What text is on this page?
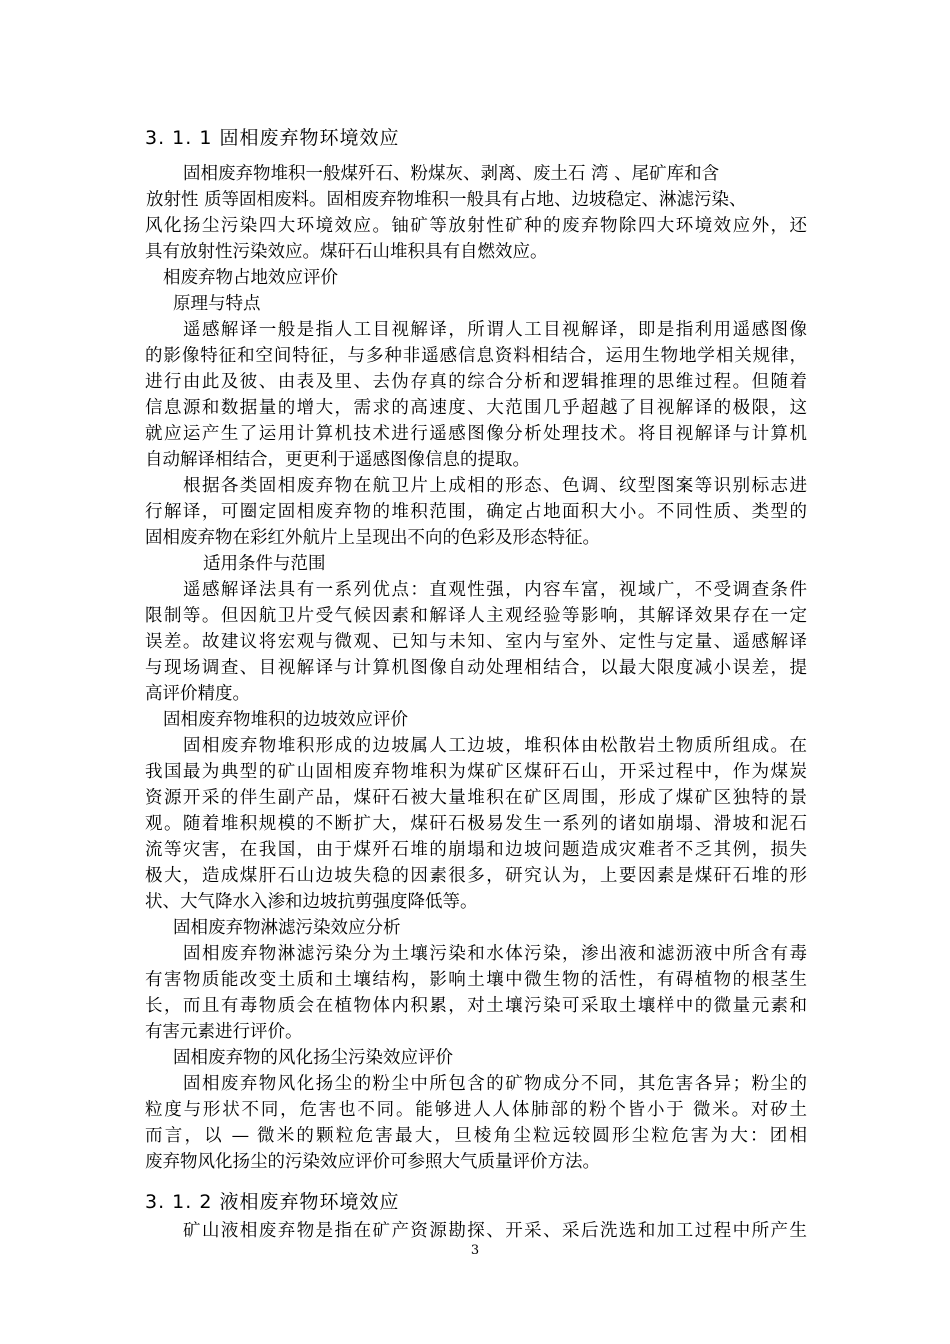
3. 1. 1 固相废弃物环境效应
固相废弃物堆积一般煤歼石、粉煤灰、剥离、废土石 湾 、尾矿库和含
放射性 质等固相废料。固相废弃物堆积一般具有占地、边坡稳定、淋滤污染、
风化扬尘污染四大环境效应。铀矿等放射性矿种的废弃物除四大环境效应外，还
具有放射性污染效应。煤矸石山堆积具有自燃效应。
相废弃物占地效应评价
原理与特点
遥感解译一般是指人工目视解译，所谓人工目视解译，即是指利用遥感图像
的影像特征和空间特征，与多种非遥感信息资料相结合，运用生物地学相关规律，
进行由此及彼、由表及里、去伪存真的综合分析和逻辑推理的思维过程。但随着
信息源和数据量的增大，需求的高速度、大范围几乎超越了目视解译的极限，这
就应运产生了运用计算机技术进行遥感图像分析处理技术。将目视解译与计算机
自动解译相结合，更更利于遥感图像信息的提取。
根据各类固相废弃物在航卫片上成相的形态、色调、纹型图案等识别标志进
行解译，可圈定固相废弃物的堆积范围，确定占地面积大小。不同性质、类型的
固相废弃物在彩红外航片上呈现出不向的色彩及形态特征。
适用条件与范围
遥感解译法具有一系列优点：直观性强，内容车富，视域广，不受调查条件
限制等。但因航卫片受气候因素和解译人主观经验等影响，其解译效果存在一定
误差。故建议将宏观与微观、已知与未知、室内与室外、定性与定量、遥感解译
与现场调查、目视解译与计算机图像自动处理相结合，以最大限度减小误差，提
高评价精度。
固相废弃物堆积的边坡效应评价
固相废弃物堆积形成的边坡属人工边坡，堆积体由松散岩土物质所组成。在
我国最为典型的矿山固相废弃物堆积为煤矿区煤矸石山，开采过程中，作为煤炭
资源开采的伴生副产品，煤矸石被大量堆积在矿区周围，形成了煤矿区独特的景
观。随着堆积规模的不断扩大，煤矸石极易发生一系列的诸如崩塌、滑坡和泥石
流等灾害，在我国，由于煤歼石堆的崩塌和边坡问题造成灾难者不乏其例，损失
极大，造成煤肝石山边坡失稳的因素很多，研究认为，上要因素是煤矸石堆的形
状、大气降水入渗和边坡抗剪强度降低等。
固相废弃物淋滤污染效应分析
固相废弃物淋滤污染分为土壤污染和水体污染，渗出液和滤沥液中所含有毒
有害物质能改变土质和土壤结构，影响土壤中微生物的活性，有碍植物的根茎生
长，而且有毒物质会在植物体内积累，对土壤污染可采取土壤样中的微量元素和
有害元素进行评价。
固相废弃物的风化扬尘污染效应评价
固相废弃物风化扬尘的粉尘中所包含的矿物成分不同，其危害各异；粉尘的
粒度与形状不同，危害也不同。能够进人人体肺部的粉个皆小于 微米。对矽土
而言，以 — 微米的颗粒危害最大，旦棱角尘粒远较圆形尘粒危害为大：团相
废弃物风化扬尘的污染效应评价可参照大气质量评价方法。
3. 1. 2 液相废弃物环境效应
矿山液相废弃物是指在矿产资源勘探、开采、采后洗选和加工过程中所产生
3
